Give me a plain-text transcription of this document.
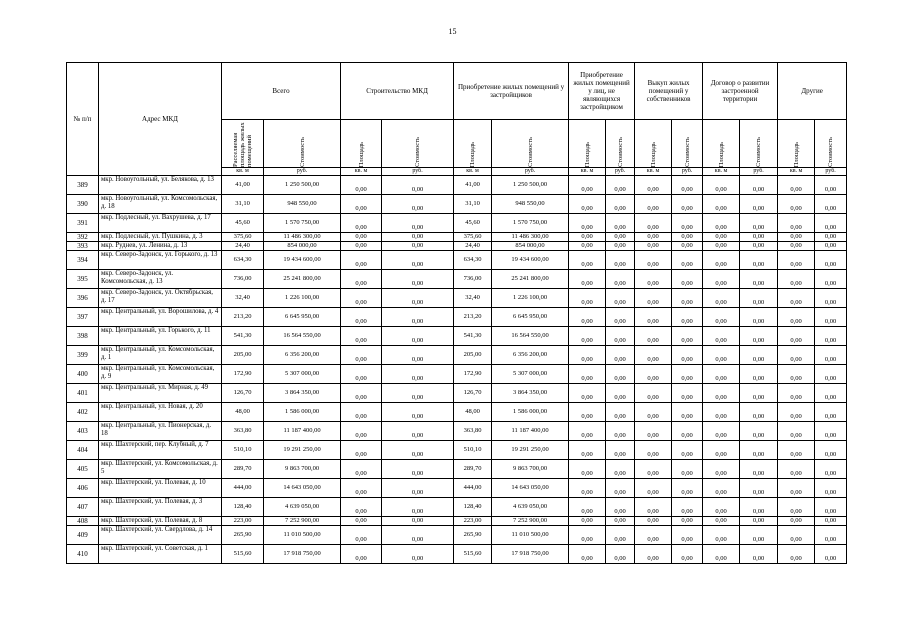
15
№ п/п	Адрес МКД	Всего		Строительство МКД		Приобретение жилых помещений у застройщиков		Приобретение жилых помещений у лиц, не являющихся застройщиком		Выкуп жилых помещений у собственников		Договор о развитии застроенной территории		Другие	

		Расселяемая площадь жилых помещений	Стоимость	Площадь	Стоимость	Площадь	Стоимость	Площадь	Стоимость	Площадь	Стоимость	Площадь	Стоимость	Площадь	Стоимость

		кв. м	руб.	кв. м	руб.	кв. м	руб.	кв. м	руб.	кв. м	руб.	кв. м	руб.	кв. м	руб.
389	мкр. Новоугольный, ул. Белякова, д. 13	41,00	1 250 500,00	0,00	0,00	41,00	1 250 500,00	0,00	0,00	0,00	0,00	0,00	0,00	0,00	0,00
390	мкр. Новоугольный, ул. Комсомольская, д. 18	31,10	948 550,00	0,00	0,00	31,10	948 550,00	0,00	0,00	0,00	0,00	0,00	0,00	0,00	0,00
391	мкр. Подлесный, ул. Вахрушева, д. 17	45,60	1 570 750,00	0,00	0,00	45,60	1 570 750,00	0,00	0,00	0,00	0,00	0,00	0,00	0,00	0,00
392	мкр. Подлесный, ул. Пушкина, д. 3	375,60	11 486 300,00	0,00	0,00	375,60	11 486 300,00	0,00	0,00	0,00	0,00	0,00	0,00	0,00	0,00
393	мкр. Руднев, ул. Ленина, д. 13	24,40	854 000,00	0,00	0,00	24,40	854 000,00	0,00	0,00	0,00	0,00	0,00	0,00	0,00	0,00
394	мкр. Северо-Задонск, ул. Горького, д. 13	634,30	19 434 600,00	0,00	0,00	634,30	19 434 600,00	0,00	0,00	0,00	0,00	0,00	0,00	0,00	0,00
395	мкр. Северо-Задонск, ул. Комсомольская, д. 13	736,00	25 241 800,00	0,00	0,00	736,00	25 241 800,00	0,00	0,00	0,00	0,00	0,00	0,00	0,00	0,00
396	мкр. Северо-Задонск, ул. Октябрьская, д. 17	32,40	1 226 100,00	0,00	0,00	32,40	1 226 100,00	0,00	0,00	0,00	0,00	0,00	0,00	0,00	0,00
397	мкр. Центральный, ул. Ворошилова, д. 4	213,20	6 645 950,00	0,00	0,00	213,20	6 645 950,00	0,00	0,00	0,00	0,00	0,00	0,00	0,00	0,00
398	мкр. Центральный, ул. Горького, д. 11	541,30	16 564 550,00	0,00	0,00	541,30	16 564 550,00	0,00	0,00	0,00	0,00	0,00	0,00	0,00	0,00
399	мкр. Центральный, ул. Комсомольская, д. 1	205,00	6 356 200,00	0,00	0,00	205,00	6 356 200,00	0,00	0,00	0,00	0,00	0,00	0,00	0,00	0,00
400	мкр. Центральный, ул. Комсомольская, д. 9	172,90	5 307 000,00	0,00	0,00	172,90	5 307 000,00	0,00	0,00	0,00	0,00	0,00	0,00	0,00	0,00
401	мкр. Центральный, ул. Мирная, д. 49	126,70	3 864 350,00	0,00	0,00	126,70	3 864 350,00	0,00	0,00	0,00	0,00	0,00	0,00	0,00	0,00
402	мкр. Центральный, ул. Новая, д. 20	48,00	1 586 000,00	0,00	0,00	48,00	1 586 000,00	0,00	0,00	0,00	0,00	0,00	0,00	0,00	0,00
403	мкр. Центральный, ул. Пионерская, д. 18	363,80	11 187 400,00	0,00	0,00	363,80	11 187 400,00	0,00	0,00	0,00	0,00	0,00	0,00	0,00	0,00
404	мкр. Шахтерский, пер. Клубный, д. 7	510,10	19 291 250,00	0,00	0,00	510,10	19 291 250,00	0,00	0,00	0,00	0,00	0,00	0,00	0,00	0,00
405	мкр. Шахтерский, ул. Комсомольская, д. 5	289,70	9 863 700,00	0,00	0,00	289,70	9 863 700,00	0,00	0,00	0,00	0,00	0,00	0,00	0,00	0,00
406	мкр. Шахтерский, ул. Полевая, д. 10	444,00	14 643 050,00	0,00	0,00	444,00	14 643 050,00	0,00	0,00	0,00	0,00	0,00	0,00	0,00	0,00
407	мкр. Шахтерский, ул. Полевая, д. 3	128,40	4 639 050,00	0,00	0,00	128,40	4 639 050,00	0,00	0,00	0,00	0,00	0,00	0,00	0,00	0,00
408	мкр. Шахтерский, ул. Полевая, д. 8	223,00	7 252 900,00	0,00	0,00	223,00	7 252 900,00	0,00	0,00	0,00	0,00	0,00	0,00	0,00	0,00
409	мкр. Шахтерский, ул. Свердлова, д. 14	265,90	11 010 500,00	0,00	0,00	265,90	11 010 500,00	0,00	0,00	0,00	0,00	0,00	0,00	0,00	0,00
410	мкр. Шахтерский, ул. Советская, д. 1	515,60	17 918 750,00	0,00	0,00	515,60	17 918 750,00	0,00	0,00	0,00	0,00	0,00	0,00	0,00	0,00
